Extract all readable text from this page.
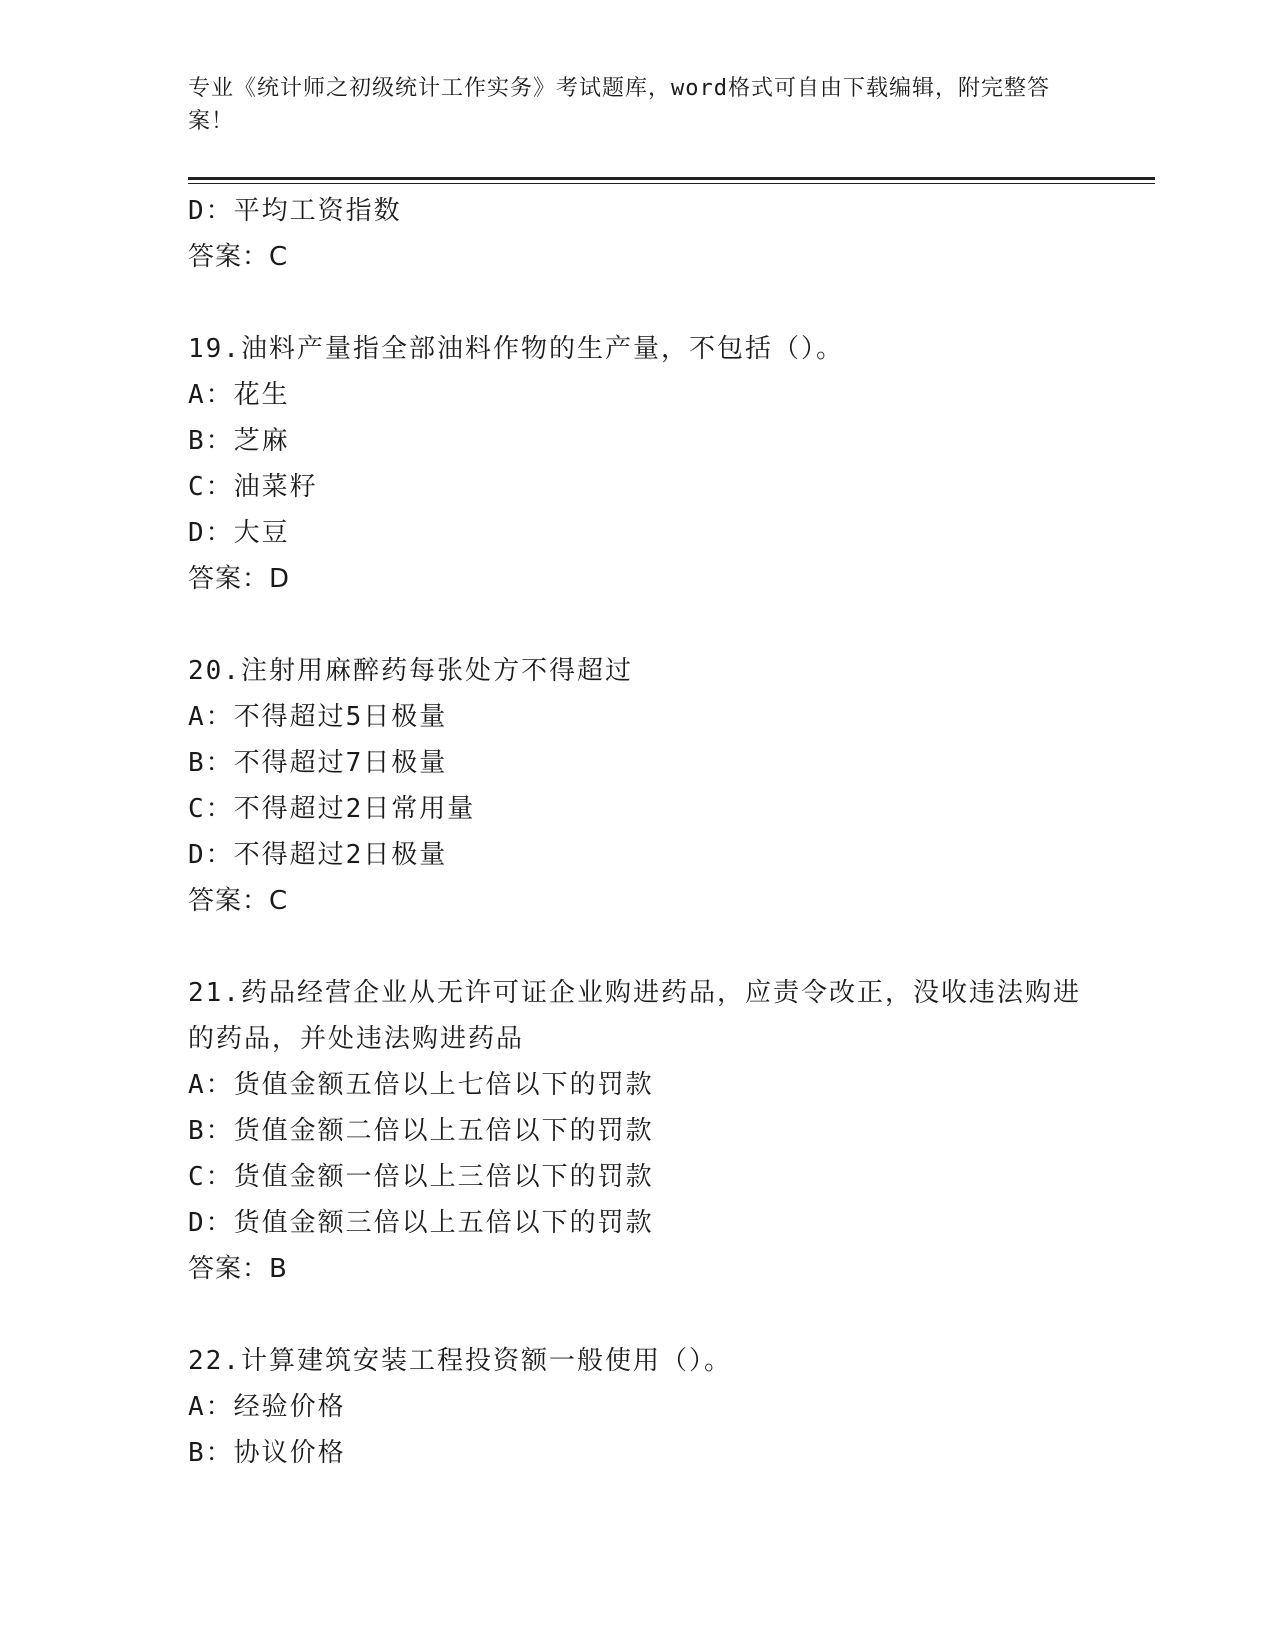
专业《统计师之初级统计工作实务》考试题库，word格式可自由下载编辑，附完整答案！
D：平均工资指数
答案：C
19.油料产量指全部油料作物的生产量，不包括（）。
A：花生
B：芝麻
C：油菜籽
D：大豆
答案：D
20.注射用麻醉药每张处方不得超过
A：不得超过5日极量
B：不得超过7日极量
C：不得超过2日常用量
D：不得超过2日极量
答案：C
21.药品经营企业从无许可证企业购进药品，应责令改正，没收违法购进的药品，并处违法购进药品
A：货值金额五倍以上七倍以下的罚款
B：货值金额二倍以上五倍以下的罚款
C：货值金额一倍以上三倍以下的罚款
D：货值金额三倍以上五倍以下的罚款
答案：B
22.计算建筑安装工程投资额一般使用（）。
A：经验价格
B：协议价格
